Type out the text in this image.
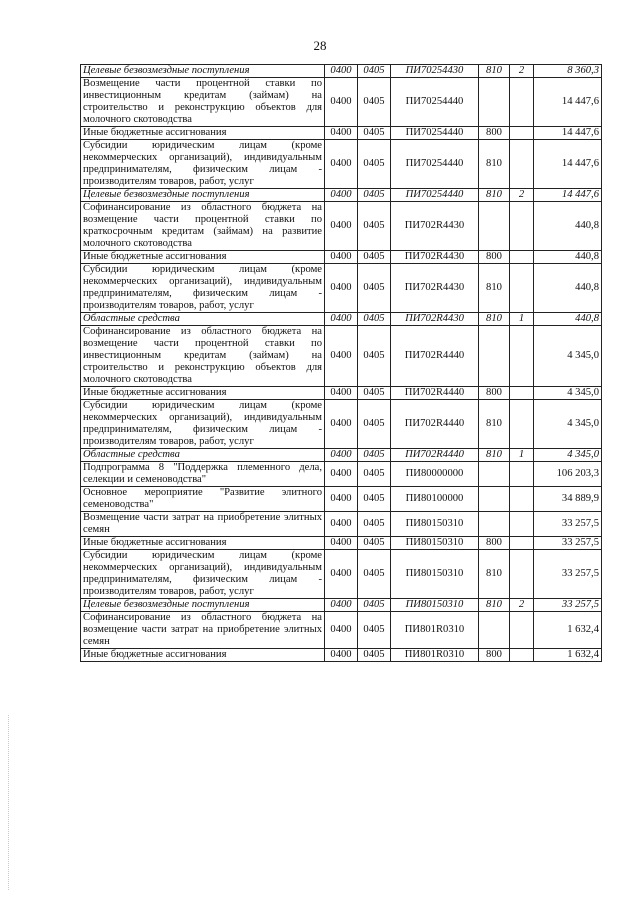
28
Целевые безвозмездные поступления	0400	0405	ПИ70254430	810	2	8 360,3
Возмещение части процентной ставки по инвестиционным кредитам (займам) на строительство и реконструкцию объектов для молочного скотоводства	0400	0405	ПИ70254440			14 447,6
Иные бюджетные ассигнования	0400	0405	ПИ70254440	800		14 447,6
Субсидии юридическим лицам (кроме некоммерческих организаций), индивидуальным предпринимателям, физическим лицам - производителям товаров, работ, услуг	0400	0405	ПИ70254440	810		14 447,6
Целевые безвозмездные поступления	0400	0405	ПИ70254440	810	2	14 447,6
Софинансирование из областного бюджета на возмещение части процентной ставки по краткосрочным кредитам (займам) на развитие молочного скотоводства	0400	0405	ПИ702R4430			440,8
Иные бюджетные ассигнования	0400	0405	ПИ702R4430	800		440,8
Субсидии юридическим лицам (кроме некоммерческих организаций), индивидуальным предпринимателям, физическим лицам - производителям товаров, работ, услуг	0400	0405	ПИ702R4430	810		440,8
Областные средства	0400	0405	ПИ702R4430	810	1	440,8
Софинансирование из областного бюджета на возмещение части процентной ставки по инвестиционным кредитам (займам) на строительство и реконструкцию объектов для молочного скотоводства	0400	0405	ПИ702R4440			4 345,0
Иные бюджетные ассигнования	0400	0405	ПИ702R4440	800		4 345,0
Субсидии юридическим лицам (кроме некоммерческих организаций), индивидуальным предпринимателям, физическим лицам - производителям товаров, работ, услуг	0400	0405	ПИ702R4440	810		4 345,0
Областные средства	0400	0405	ПИ702R4440	810	1	4 345,0
Подпрограмма 8 "Поддержка племенного дела, селекции и семеноводства"	0400	0405	ПИ80000000			106 203,3
Основное мероприятие "Развитие элитного семеноводства"	0400	0405	ПИ80100000			34 889,9
Возмещение части затрат на приобретение элитных семян	0400	0405	ПИ80150310			33 257,5
Иные бюджетные ассигнования	0400	0405	ПИ80150310	800		33 257,5
Субсидии юридическим лицам (кроме некоммерческих организаций), индивидуальным предпринимателям, физическим лицам - производителям товаров, работ, услуг	0400	0405	ПИ80150310	810		33 257,5
Целевые безвозмездные поступления	0400	0405	ПИ80150310	810	2	33 257,5
Софинансирование из областного бюджета на возмещение части затрат на приобретение элитных семян	0400	0405	ПИ801R0310			1 632,4
Иные бюджетные ассигнования	0400	0405	ПИ801R0310	800		1 632,4
